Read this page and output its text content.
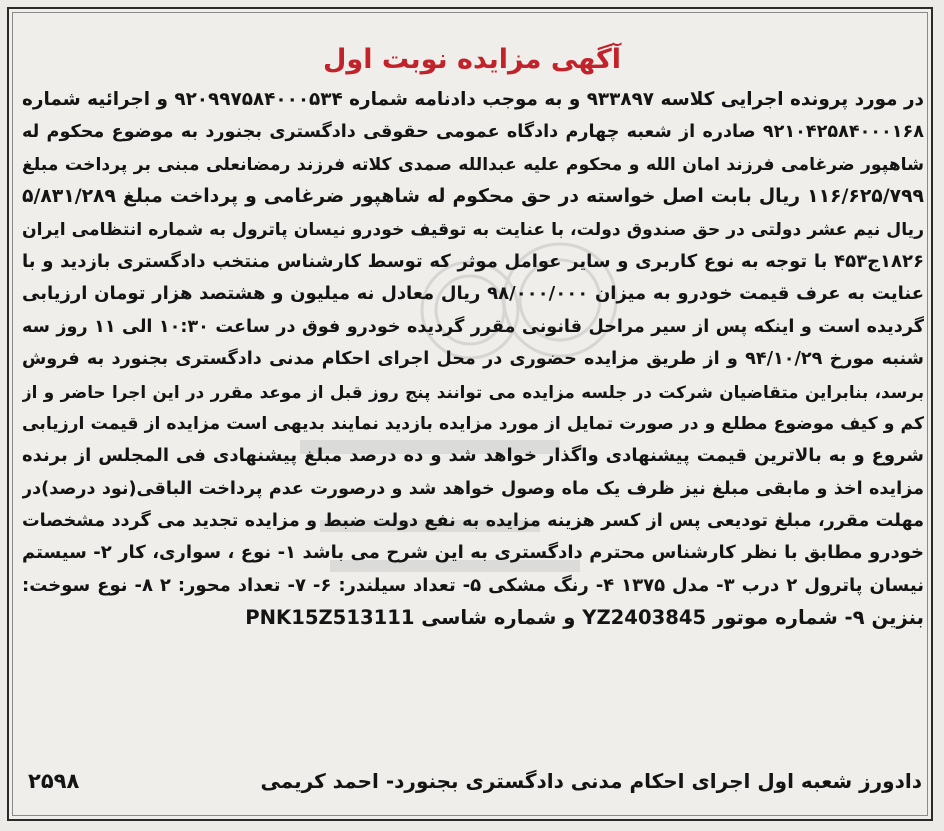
آگهی مزایده نوبت اول
در مورد پرونده اجرایی کلاسه ۹۳۳۸۹۷ و به موجب دادنامه شماره ۹۲۰۹۹۷۵۸۴۰۰۰۵۳۴ و اجرائیه شماره
۹۲۱۰۴۲۵۸۴۰۰۰۱۶۸ صادره از شعبه چهارم دادگاه عمومی حقوقی دادگستری بجنورد به موضوع محکوم له
شاهپور ضرغامی فرزند امان الله و محکوم علیه عبدالله صمدی کلاته فرزند رمضانعلی مبنی بر پرداخت مبلغ
۱۱۶/۶۲۵/۷۹۹ ریال بابت اصل خواسته در حق محکوم له شاهپور ضرغامی و پرداخت مبلغ ۵/۸۳۱/۲۸۹
ریال نیم عشر دولتی در حق صندوق دولت، با عنایت به توقیف خودرو نیسان پاترول به شماره انتظامی ایران
۱۸۲۶ج۴۵۳ با توجه به نوع کاربری و سایر عوامل موثر که توسط کارشناس منتخب دادگستری بازدید و با
عنایت به عرف قیمت خودرو به میزان ۹۸/۰۰۰/۰۰۰ ریال معادل نه میلیون و هشتصد هزار تومان ارزیابی
گردیده است و اینکه پس از سیر مراحل قانونی مقرر گردیده خودرو فوق در ساعت ۱۰:۳۰ الی ۱۱ روز سه
شنبه مورخ ۹۴/۱۰/۲۹ و از طریق مزایده حضوری در محل اجرای احکام مدنی دادگستری بجنورد به فروش
برسد، بنابراین متقاضیان شرکت در جلسه مزایده می توانند پنج روز قبل از موعد مقرر در این اجرا حاضر و از
کم و کیف موضوع مطلع و در صورت تمایل از مورد مزایده بازدید نمایند بدیهی است مزایده از قیمت ارزیابی
شروع و به بالاترین قیمت پیشنهادی واگذار خواهد شد و ده درصد مبلغ پیشنهادی فی المجلس از برنده
مزایده اخذ و مابقی مبلغ نیز ظرف یک ماه وصول خواهد شد و درصورت عدم پرداخت الباقی(نود درصد)در
مهلت مقرر، مبلغ تودیعی پس از کسر هزینه مزایده به نفع دولت ضبط و مزایده تجدید می گردد مشخصات
خودرو مطابق با نظر کارشناس محترم دادگستری به این شرح می باشد ۱- نوع ، سواری، کار ۲- سیستم
نیسان پاترول ۲ درب ۳- مدل ۱۳۷۵ ۴- رنگ مشکی ۵- تعداد سیلندر: ۶- ۷- تعداد محور: ۲ ۸- نوع سوخت:
بنزین ۹- شماره موتور YZ2403845 و شماره شاسی PNK15Z513111
دادورز شعبه اول اجرای احکام مدنی دادگستری بجنورد- احمد کریمی
۲۵۹۸
